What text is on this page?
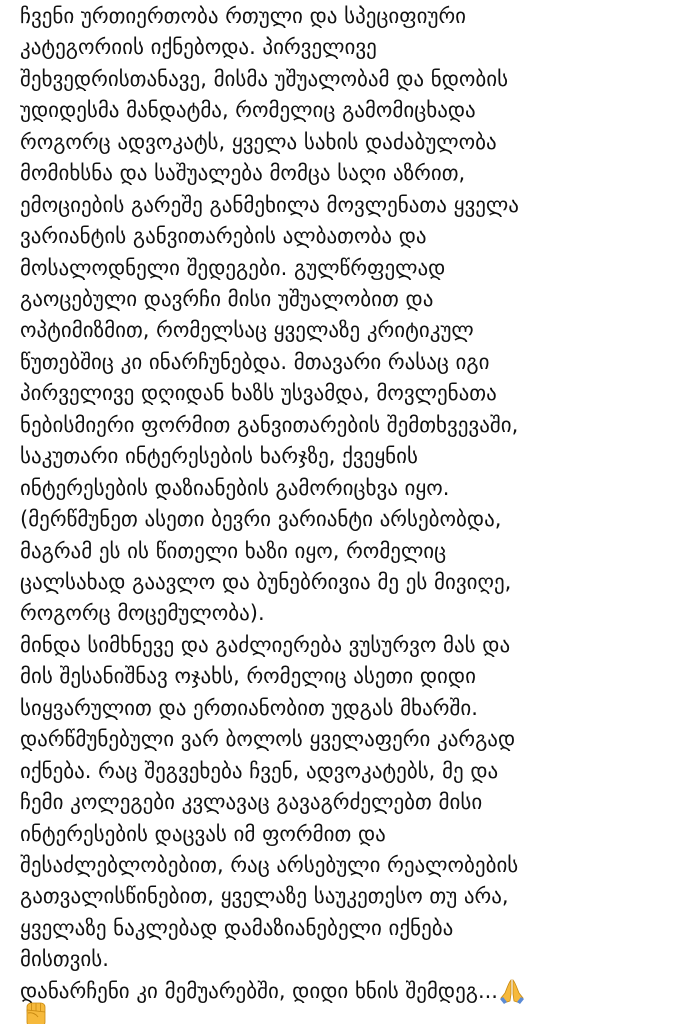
ჩვენი ურთიერთობა რთული და სპეციფიური
კატეგორიის იქნებოდა. პირველივე
შეხვედრისთანავე, მისმა უშუალობამ და ნდობის
უდიდესმა მანდატმა, რომელიც გამომიცხადა
როგორც ადვოკატს, ყველა სახის დაძაბულობა
მომიხსნა და საშუალება მომცა საღი აზრით,
ემოციების გარეშე განმეხილა მოვლენათა ყველა
ვარიანტის განვითარების ალბათობა და
მოსალოდნელი შედეგები. გულწრფელად
გაოცებული დავრჩი მისი უშუალობით და
ოპტიმიზმით, რომელსაც ყველაზე კრიტიკულ
წუთებშიც კი ინარჩუნებდა. მთავარი რასაც იგი
პირველივე დღიდან ხაზს უსვამდა, მოვლენათა
ნებისმიერი ფორმით განვითარების შემთხვევაში,
საკუთარი ინტერესების ხარჯზე, ქვეყნის
ინტერესების დაზიანების გამორიცხვა იყო.
(მერწმუნეთ ასეთი ბევრი ვარიანტი არსებობდა,
მაგრამ ეს ის წითელი ხაზი იყო, რომელიც
ცალსახად გაავლო და ბუნებრივია მე ეს მივიღე,
როგორც მოცემულობა).
მინდა სიმხნევე და გაძლიერება ვუსურვო მას და
მის შესანიშნავ ოჯახს, რომელიც ასეთი დიდი
სიყვარულით და ერთიანობით უდგას მხარში.
დარწმუნებული ვარ ბოლოს ყველაფერი კარგად
იქნება. რაც შეგვეხება ჩვენ, ადვოკატებს, მე და
ჩემი კოლეგები კვლავაც გავაგრძელებთ მისი
ინტერესების დაცვას იმ ფორმით და
შესაძლებლობებით, რაც არსებული რეალობების
გათვალისწინებით, ყველაზე საუკეთესო თუ არა,
ყველაზე ნაკლებად დამაზიანებელი იქნება
მისთვის.
დანარჩენი კი მემუარებში, დიდი ხნის შემდეგ...
